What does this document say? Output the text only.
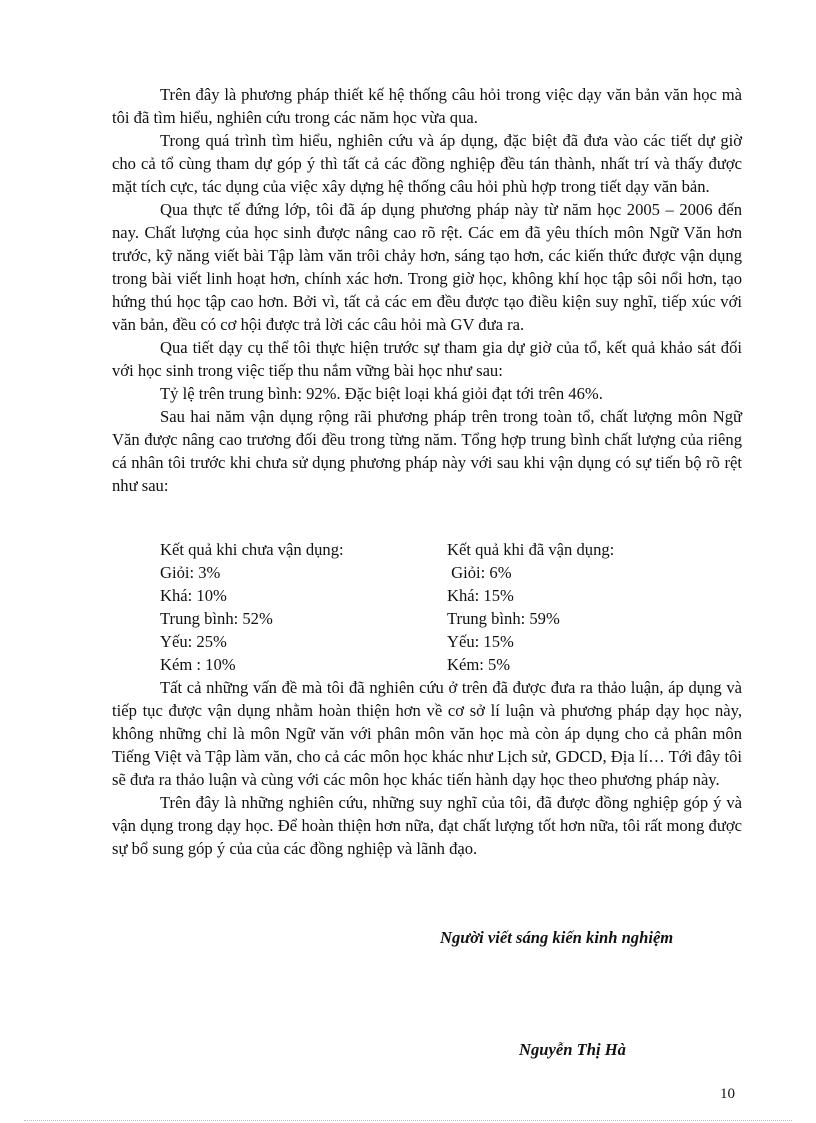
Trên đây là phương pháp thiết kế hệ thống câu hỏi trong việc dạy văn bản văn học mà tôi đã tìm hiểu, nghiên cứu trong các năm học vừa qua.

Trong quá trình tìm hiểu, nghiên cứu và áp dụng, đặc biệt đã đưa vào các tiết dự giờ cho cả tổ cùng tham dự góp ý thì tất cả các đồng nghiệp đều tán thành, nhất trí và thấy được mặt tích cực, tác dụng của việc xây dựng hệ thống câu hỏi phù hợp trong tiết dạy văn bản.

Qua thực tế đứng lớp, tôi đã áp dụng phương pháp này từ năm học 2005 – 2006 đến nay. Chất lượng của học sinh được nâng cao rõ rệt. Các em đã yêu thích môn Ngữ Văn hơn trước, kỹ năng viết bài Tập làm văn trôi chảy hơn, sáng tạo hơn, các kiến thức được vận dụng trong bài viết linh hoạt hơn, chính xác hơn. Trong giờ học, không khí học tập sôi nổi hơn, tạo hứng thú học tập cao hơn. Bởi vì, tất cả các em đều được tạo điều kiện suy nghĩ, tiếp xúc với văn bản, đều có cơ hội được trả lời các câu hỏi mà GV đưa ra.

Qua tiết dạy cụ thể tôi thực hiện trước sự tham gia dự giờ của tổ, kết quả khảo sát đối với học sinh trong việc tiếp thu nắm vững bài học như sau:

Tỷ lệ trên trung bình: 92%. Đặc biệt loại khá giỏi đạt tới trên 46%.

Sau hai năm vận dụng rộng rãi phương pháp trên trong toàn tổ, chất lượng môn Ngữ Văn được nâng cao trương đối đều trong từng năm. Tổng hợp trung bình chất lượng của riêng cá nhân tôi trước khi chưa sử dụng phương pháp này với sau khi vận dụng có sự tiến bộ rõ rệt như sau:

Kết quả khi chưa vận dụng:
Giỏi: 3%
Khá: 10%
Trung bình: 52%
Yếu: 25%
Kém : 10%
Kết quả khi đã vận dụng:
Giỏi: 6%
Khá: 15%
Trung bình: 59%
Yếu: 15%
Kém: 5%

Tất cả những vấn đề mà tôi đã nghiên cứu ở trên đã được đưa ra thảo luận, áp dụng và tiếp tục được vận dụng nhằm hoàn thiện hơn về cơ sở lí luận và phương pháp dạy học này, không những chỉ là môn Ngữ văn với phân môn văn học mà còn áp dụng cho cả phân môn Tiếng Việt và Tập làm văn, cho cả các môn học khác như Lịch sử, GDCD, Địa lí… Tới đây tôi sẽ đưa ra thảo luận và cùng với các môn học khác tiến hành dạy học theo phương pháp này.

Trên đây là những nghiên cứu, những suy nghĩ của tôi, đã được đồng nghiệp góp ý và vận dụng trong dạy học. Để hoàn thiện hơn nữa, đạt chất lượng tốt hơn nữa, tôi rất mong được sự bổ sung góp ý của của các đồng nghiệp và lãnh đạo.

Người viết sáng kiến kinh nghiệm
Nguyễn Thị Hà
10
